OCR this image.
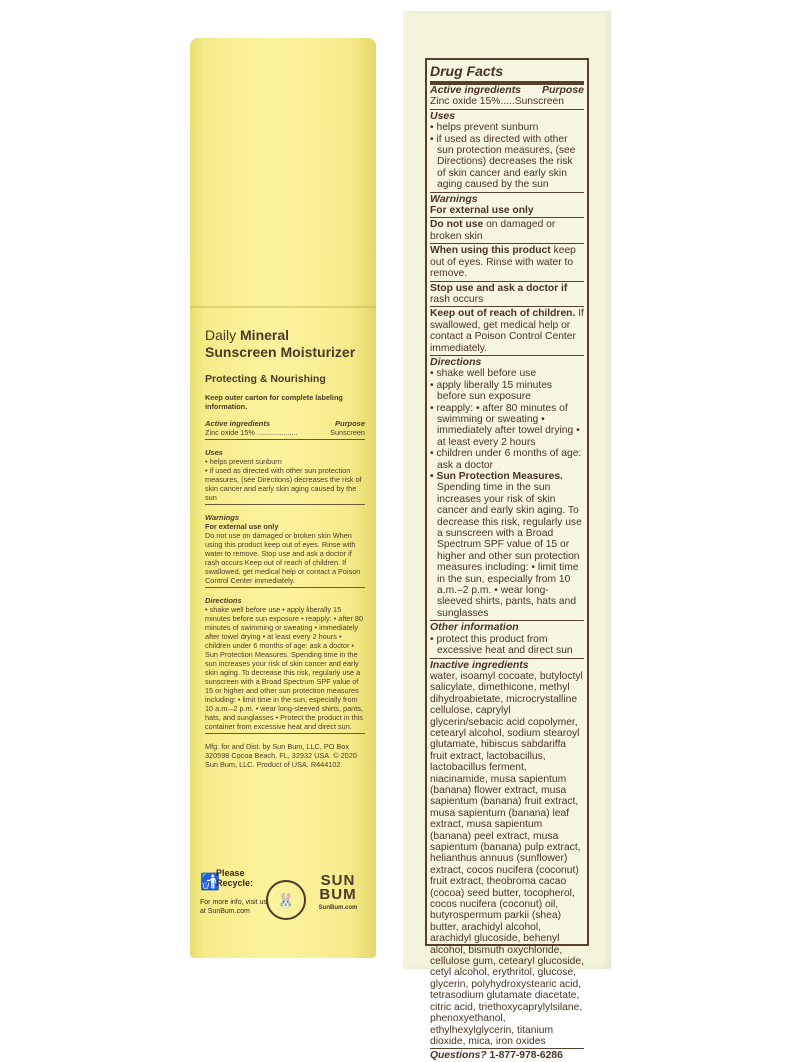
Daily Mineral
Sunscreen Moisturizer
Protecting & Nourishing
Keep outer carton for complete labeling information.
Active ingredients	Purpose
Zinc oxide 15% ....................	Sunscreen
Uses
• helps prevent sunburn
• if used as directed with other sun protection measures, (see Directions) decreases the risk of skin cancer and early skin aging caused by the sun
Warnings
For external use only
Do not use on damaged or broken skin When using this product keep out of eyes. Rinse with water to remove. Stop use and ask a doctor if rash occurs Keep out of reach of children. If swallowed, get medical help or contact a Poison Control Center immediately.
Directions
• shake well before use • apply liberally 15 minutes before sun exposure • reapply: • after 80 minutes of swimming or sweating • immediately after towel drying • at least every 2 hours • children under 6 months of age: ask a doctor • Sun Protection Measures. Spending time in the sun increases your risk of skin cancer and early skin aging. To decrease this risk, regularly use a sunscreen with a Broad Spectrum SPF value of 15 or higher and other sun protection measures including: • limit time in the sun, especially from 10 a.m.–2 p.m. • wear long-sleeved shirts, pants, hats, and sunglasses • Protect the product in this container from excessive heat and direct sun.
Mfg. for and Dist. by Sun Bum, LLC, PO Box 320598 Cocoa Beach, FL, 32932 USA. © 2020 Sun Bum, LLC. Product of USA. R444102.
🚮
Please
Recycle:
For more info, visit us at SunBum.com
🐰
SUN
BUM
SunBum.com
Drug Facts
Active ingredients Purpose
Zinc oxide 15%.....Sunscreen
Uses
• helps prevent sunburn
• if used as directed with other sun protection measures, (see Directions) decreases the risk of skin cancer and early skin aging caused by the sun
Warnings
For external use only
Do not use on damaged or broken skin
When using this product keep out of eyes. Rinse with water to remove.
Stop use and ask a doctor if rash occurs
Keep out of reach of children. If swallowed, get medical help or contact a Poison Control Center immediately.
Directions
• shake well before use
• apply liberally 15 minutes before sun exposure
• reapply: • after 80 minutes of swimming or sweating • immediately after towel drying • at least every 2 hours
• children under 6 months of age: ask a doctor
• Sun Protection Measures. Spending time in the sun increases your risk of skin cancer and early skin aging. To decrease this risk, regularly use a sunscreen with a Broad Spectrum SPF value of 15 or higher and other sun protection measures including: • limit time in the sun, especially from 10 a.m.–2 p.m. • wear long-sleeved shirts, pants, hats and sunglasses
Other information
• protect this product from excessive heat and direct sun
Inactive ingredients
water, isoamyl cocoate, butyloctyl salicylate, dimethicone, methyl dihydroabietate, microcrystalline cellulose, caprylyl glycerin/sebacic acid copolymer, cetearyl alcohol, sodium stearoyl glutamate, hibiscus sabdariffa fruit extract, lactobacillus, lactobacillus ferment, niacinamide, musa sapientum (banana) flower extract, musa sapientum (banana) fruit extract, musa sapientum (banana) leaf extract, musa sapientum (banana) peel extract, musa sapientum (banana) pulp extract, helianthus annuus (sunflower) extract, cocos nucifera (coconut) fruit extract, theobroma cacao (cocoa) seed butter, tocopherol, cocos nucifera (coconut) oil, butyrospermum parkii (shea) butter, arachidyl alcohol, arachidyl glucoside, behenyl alcohol, bismuth oxychloride, cellulose gum, cetearyl glucoside, cetyl alcohol, erythritol, glucose, glycerin, polyhydroxystearic acid, tetrasodium glutamate diacetate, citric acid, triethoxycaprylylsilane, phenoxyethanol, ethylhexylglycerin, titanium dioxide, mica, iron oxides
Questions? 1-877-978-6286
